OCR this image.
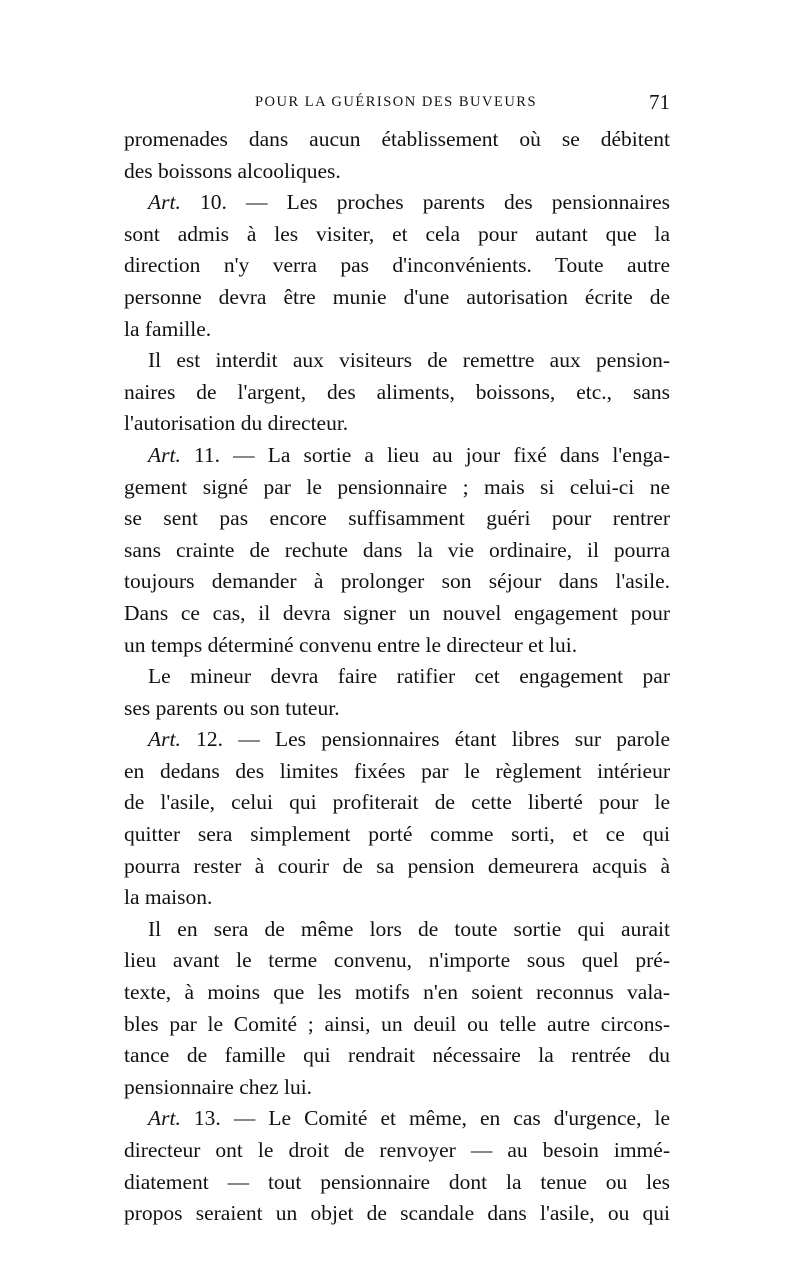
POUR LA GUÉRISON DES BUVEURS	71
promenades dans aucun établissement où se débitent
des boissons alcooliques.
Art. 10. — Les proches parents des pensionnaires
sont admis à les visiter, et cela pour autant que la
direction n'y verra pas d'inconvénients. Toute autre
personne devra être munie d'une autorisation écrite de
la famille.
Il est interdit aux visiteurs de remettre aux pension-
naires de l'argent, des aliments, boissons, etc., sans
l'autorisation du directeur.
Art. 11. — La sortie a lieu au jour fixé dans l'enga-
gement signé par le pensionnaire ; mais si celui-ci ne
se sent pas encore suffisamment guéri pour rentrer
sans crainte de rechute dans la vie ordinaire, il pourra
toujours demander à prolonger son séjour dans l'asile.
Dans ce cas, il devra signer un nouvel engagement pour
un temps déterminé convenu entre le directeur et lui.
Le mineur devra faire ratifier cet engagement par
ses parents ou son tuteur.
Art. 12. — Les pensionnaires étant libres sur parole
en dedans des limites fixées par le règlement intérieur
de l'asile, celui qui profiterait de cette liberté pour le
quitter sera simplement porté comme sorti, et ce qui
pourra rester à courir de sa pension demeurera acquis à
la maison.
Il en sera de même lors de toute sortie qui aurait
lieu avant le terme convenu, n'importe sous quel pré-
texte, à moins que les motifs n'en soient reconnus vala-
bles par le Comité ; ainsi, un deuil ou telle autre circons-
tance de famille qui rendrait nécessaire la rentrée du
pensionnaire chez lui.
Art. 13. — Le Comité et même, en cas d'urgence, le
directeur ont le droit de renvoyer — au besoin immé-
diatement — tout pensionnaire dont la tenue ou les
propos seraient un objet de scandale dans l'asile, ou qui
